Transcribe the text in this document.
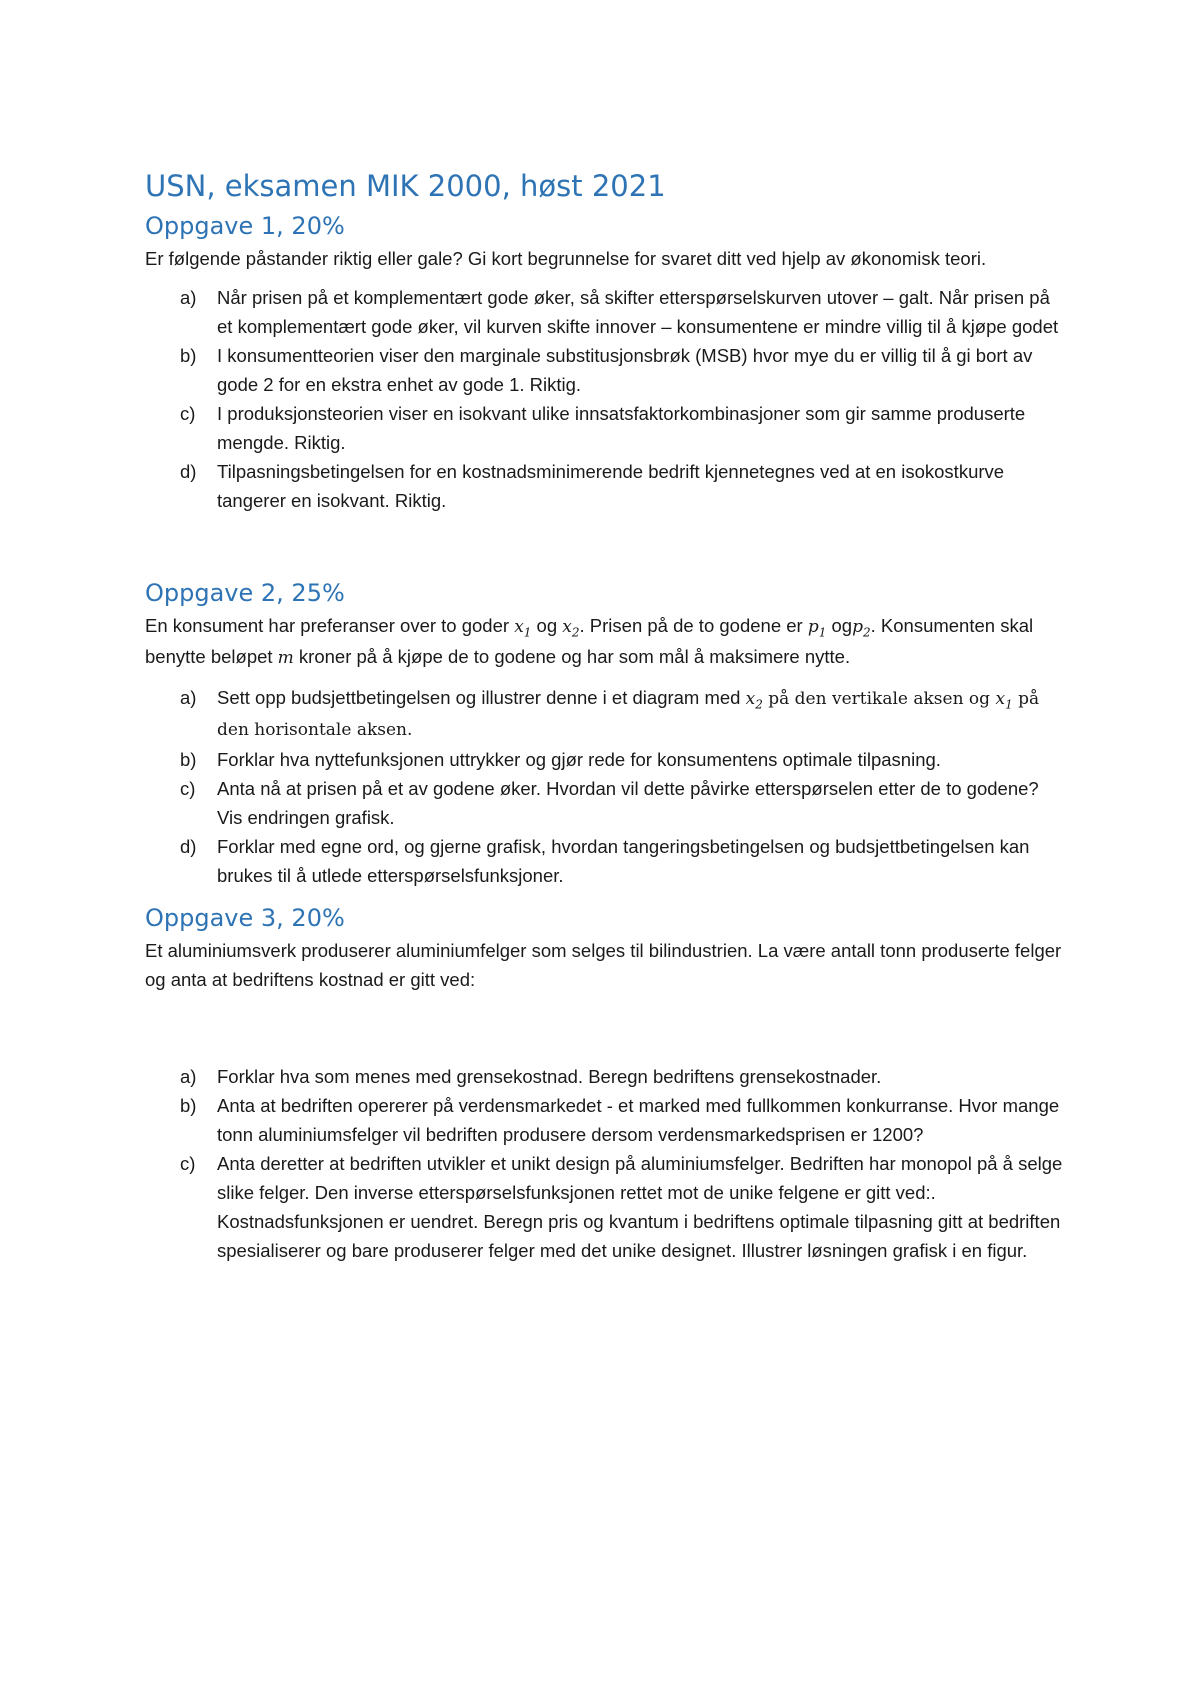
USN, eksamen MIK 2000, høst 2021
Oppgave 1, 20%

Er følgende påstander riktig eller gale? Gi kort begrunnelse for svaret ditt ved hjelp av økonomisk teori.

a) Når prisen på et komplementært gode øker, så skifter etterspørselskurven utover – galt. Når prisen på et komplementært gode øker, vil kurven skifte innover – konsumentene er mindre villig til å kjøpe godet
b) I konsumentteorien viser den marginale substitusjonsbrøk (MSB) hvor mye du er villig til å gi bort av gode 2 for en ekstra enhet av gode 1. Riktig.
c) I produksjonsteorien viser en isokvant ulike innsatsfaktorkombinasjoner som gir samme produserte mengde. Riktig.
d) Tilpasningsbetingelsen for en kostnadsminimerende bedrift kjennetegnes ved at en isokostkurve tangerer en isokvant. Riktig.
Oppgave 2, 25%

En konsument har preferanser over to goder $x_1$ og $x_2$. Prisen på de to godene er $p_1$ ogp$_2$. Konsumenten skal benytte beløpet m kroner på å kjøpe de to godene og har som mål å maksimere nytte.

a) Sett opp budsjettbetingelsen og illustrer denne i et diagram med $x_2$ på den vertikale aksen og $x_1$ på den horisontale aksen.
b) Forklar hva nyttefunksjonen uttrykker og gjør rede for konsumentens optimale tilpasning.
c) Anta nå at prisen på et av godene øker. Hvordan vil dette påvirke etterspørselen etter de to godene? Vis endringen grafisk.
d) Forklar med egne ord, og gjerne grafisk, hvordan tangeringsbetingelsen og budsjettbetingelsen kan brukes til å utlede etterspørselsfunksjoner.
Oppgave 3, 20%

Et aluminiumsverk produserer aluminiumfelger som selges til bilindustrien. La være antall tonn produserte felger og anta at bedriftens kostnad er gitt ved:

a) Forklar hva som menes med grensekostnad. Beregn bedriftens grensekostnader.
b) Anta at bedriften opererer på verdensmarkedet - et marked med fullkommen konkurranse. Hvor mange tonn aluminiumsfelger vil bedriften produsere dersom verdensmarkedsprisen er 1200?
c) Anta deretter at bedriften utvikler et unikt design på aluminiumsfelger. Bedriften har monopol på å selge slike felger. Den inverse etterspørselsfunksjonen rettet mot de unike felgene er gitt ved:. Kostnadsfunksjonen er uendret. Beregn pris og kvantum i bedriftens optimale tilpasning gitt at bedriften spesialiserer og bare produserer felger med det unike designet. Illustrer løsningen grafisk i en figur.
